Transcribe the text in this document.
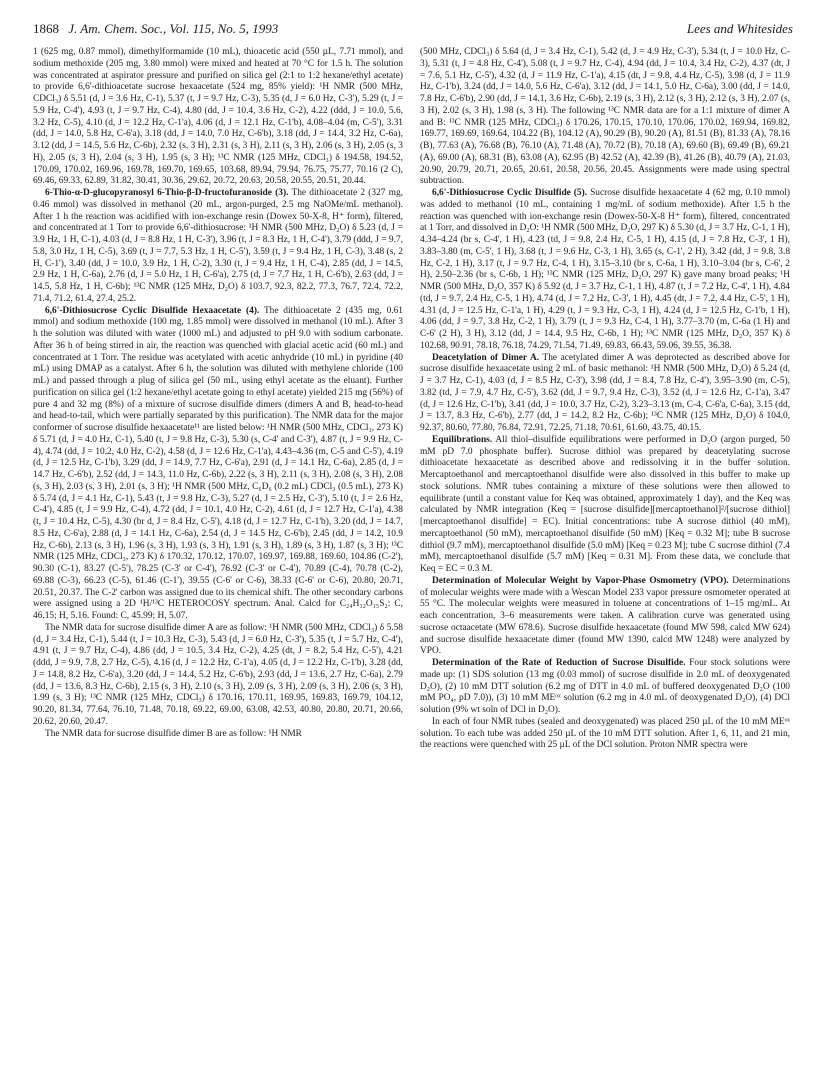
1868 J. Am. Chem. Soc., Vol. 115, No. 5, 1993	Lees and Whitesides

1 (625 mg, 0.87 mmol), dimethylformamide (10 mL), thioacetic acid (550 µL, 7.71 mmol), and sodium methoxide (205 mg, 3.80 mmol) were mixed and heated at 70 °C for 1.5 h. The solution was concentrated at aspirator pressure and purified on silica gel (2:1 to 1:2 hexane/ethyl acetate) to provide 6,6'-dithioacetate sucrose hexaacetate (524 mg, 85% yield): ¹H NMR (500 MHz, CDCl₃) δ 5.51 (d, J = 3.6 Hz, C-1), 5.37 (t, J = 9.7 Hz, C-3), 5.35 (d, J = 6.0 Hz, C-3'), 5.29 (t, J = 5.9 Hz, C-4'), 4.93 (t, J = 9.7 Hz, C-4), 4.80 (dd, J = 10.4, 3.6 Hz, C-2), 4.22 (ddd, J = 10.0, 5.6, 3.2 Hz, C-5), 4.10 (d, J = 12.2 Hz, C-1'a), 4.06 (d, J = 12.1 Hz, C-1'b), 4.08–4.04 (m, C-5'), 3.31 (dd, J = 14.0, 5.8 Hz, C-6'a), 3.18 (dd, J = 14.0, 7.0 Hz, C-6'b), 3.18 (dd, J = 14.4, 3.2 Hz, C-6a), 3.12 (dd, J = 14.5, 5.6 Hz, C-6b), 2.32 (s, 3 H), 2.31 (s, 3 H), 2.11 (s, 3 H), 2.06 (s, 3 H), 2.05 (s, 3 H), 2.05 (s, 3 H), 2.04 (s, 3 H), 1.95 (s, 3 H); ¹³C NMR (125 MHz, CDCl₃) δ 194.58, 194.52, 170.09, 170.02, 169.96, 169.78, 169.70, 169.65, 103.68, 89.94, 79.94, 76.75, 75.77, 70.16 (2 C), 69.46, 69.33, 62.89, 31.82, 30.41, 30.36, 29.62, 20.72, 20.63, 20.58, 20.55, 20.51, 20.44.

6-Thio-α-D-glucopyranosyl 6-Thio-β-D-fructofuranoside (3). The dithioacetate 2 (327 mg, 0.46 mmol) was dissolved in methanol (20 mL, argon-purged, 2.5 mg NaOMe/mL methanol). After 1 h the reaction was acidified with ion-exchange resin (Dowex 50-X-8, H⁺ form), filtered, and concentrated at 1 Torr to provide 6,6'-dithiosucrose: ¹H NMR (500 MHz, D₂O) δ 5.23 (d, J = 3.9 Hz, 1 H, C-1), 4.03 (d, J = 8.8 Hz, 1 H, C-3'), 3.96 (t, J = 8.3 Hz, 1 H, C-4'), 3.79 (ddd, J = 9.7, 5.8, 3.0 Hz, 1 H, C-5), 3.69 (t, J = 7.7, 5.3 Hz, 1 H, C-5'), 3.59 (t, J = 9.4 Hz, 1 H, C-3), 3.48 (s, 2 H, C-1'), 3.40 (dd, J = 10.0, 3.9 Hz, 1 H, C-2), 3.30 (t, J = 9.4 Hz, 1 H, C-4), 2.85 (dd, J = 14.5, 2.9 Hz, 1 H, C-6a), 2.76 (d, J = 5.0 Hz, 1 H, C-6'a), 2.75 (d, J = 7.7 Hz, 1 H, C-6'b), 2.63 (dd, J = 14.5, 5.8 Hz, 1 H, C-6b); ¹³C NMR (125 MHz, D₂O) δ 103.7, 92.3, 82.2, 77.3, 76.7, 72.4, 72.2, 71.4, 71.2, 61.4, 27.4, 25.2.

6,6'-Dithiosucrose Cyclic Disulfide Hexaacetate (4). The dithioacetate 2 (435 mg, 0.61 mmol) and sodium methoxide (100 mg, 1.85 mmol) were dissolved in methanol (10 mL). After 3 h the solution was diluted with water (1000 mL) and adjusted to pH 9.0 with sodium carbonate. After 36 h of being stirred in air, the reaction was quenched with glacial acetic acid (60 mL) and concentrated at 1 Torr. The residue was acetylated with acetic anhydride (10 mL) in pyridine (40 mL) using DMAP as a catalyst. After 6 h, the solution was diluted with methylene chloride (100 mL) and passed through a plug of silica gel (50 mL, using ethyl acetate as the eluant). Further purification on silica gel (1:2 hexane/ethyl acetate going to ethyl acetate) yielded 215 mg (56%) of pure 4 and 32 mg (8%) of a mixture of sucrose disulfide dimers (dimers A and B, head-to-head and head-to-tail, which were partially separated by this purification). The NMR data for the major conformer of sucrose disulfide hexaacetate¹¹ are listed below: ¹H NMR (500 MHz, CDCl₃, 273 K) δ 5.71 (d, J = 4.0 Hz, C-1), 5.40 (t, J = 9.8 Hz, C-3), 5.30 (s, C-4' and C-3'), 4.87 (t, J = 9.9 Hz, C-4), 4.74 (dd, J = 10.2, 4.0 Hz, C-2), 4.58 (d, J = 12.6 Hz, C-1'a), 4.43–4.36 (m, C-5 and C-5'), 4.19 (d, J = 12.5 Hz, C-1'b), 3.29 (dd, J = 14.9, 7.7 Hz, C-6'a), 2.91 (d, J = 14.1 Hz, C-6a), 2.85 (d, J = 14.7 Hz, C-6'b), 2.52 (dd, J = 14.3, 11.0 Hz, C-6b), 2.22 (s, 3 H), 2.11 (s, 3 H), 2.08 (s, 3 H), 2.08 (s, 3 H), 2.03 (s, 3 H), 2.01 (s, 3 H); ¹H NMR (500 MHz, C₆D₆ (0.2 mL) CDCl₃ (0.5 mL), 273 K) δ 5.74 (d, J = 4.1 Hz, C-1), 5.43 (t, J = 9.8 Hz, C-3), 5.27 (d, J = 2.5 Hz, C-3'), 5.10 (t, J = 2.6 Hz, C-4'), 4.85 (t, J = 9.9 Hz, C-4), 4.72 (dd, J = 10.1, 4.0 Hz, C-2), 4.61 (d, J = 12.7 Hz, C-1'a), 4.38 (t, J = 10.4 Hz, C-5), 4.30 (br d, J = 8.4 Hz, C-5'), 4.18 (d, J = 12.7 Hz, C-1'b), 3.20 (dd, J = 14.7, 8.5 Hz, C-6'a), 2.88 (d, J = 14.1 Hz, C-6a), 2.54 (d, J = 14.5 Hz, C-6'b), 2.45 (dd, J = 14.2, 10.9 Hz, C-6b), 2.13 (s, 3 H), 1.96 (s, 3 H), 1.93 (s, 3 H), 1.91 (s, 3 H), 1.89 (s, 3 H), 1.87 (s, 3 H); ¹³C NMR (125 MHz, CDCl₃, 273 K) δ 170.32, 170.12, 170.07, 169.97, 169.88, 169.60, 104.86 (C-2'), 90.30 (C-1), 83.27 (C-5'), 78.25 (C-3' or C-4'), 76.92 (C-3' or C-4'), 70.89 (C-4), 70.78 (C-2), 69.88 (C-3), 66.23 (C-5), 61.46 (C-1'), 39.55 (C-6' or C-6), 38.33 (C-6' or C-6), 20.80, 20.71, 20.51, 20.37. The C-2' carbon was assigned due to its chemical shift. The other secondary carbons were assigned using a 2D ¹H/¹³C HETEROCOSY spectrum. Anal. Calcd for C₂₄H₃₂O₁₅S₂: C, 46.15; H, 5.16. Found: C, 45.99; H, 5.07.

The NMR data for sucrose disulfide dimer A are as follow: ¹H NMR (500 MHz, CDCl₃) δ 5.58 (d, J = 3.4 Hz, C-1), 5.44 (t, J = 10.3 Hz, C-3), 5.43 (d, J = 6.0 Hz, C-3'), 5.35 (t, J = 5.7 Hz, C-4'), 4.91 (t, J = 9.7 Hz, C-4), 4.86 (dd, J = 10.5, 3.4 Hz, C-2), 4.25 (dt, J = 8.2, 5.4 Hz, C-5'), 4.21 (ddd, J = 9.9, 7.8, 2.7 Hz, C-5), 4.16 (d, J = 12.2 Hz, C-1'a), 4.05 (d, J = 12.2 Hz, C-1'b), 3.28 (dd, J = 14.8, 8.2 Hz, C-6'a), 3.20 (dd, J = 14.4, 5.2 Hz, C-6'b), 2.93 (dd, J = 13.6, 2.7 Hz, C-6a), 2.79 (dd, J = 13.6, 8.3 Hz, C-6b), 2.15 (s, 3 H), 2.10 (s, 3 H), 2.09 (s, 3 H), 2.09 (s, 3 H), 2.06 (s, 3 H), 1.99 (s, 3 H); ¹³C NMR (125 MHz, CDCl₃) δ 170.16, 170.11, 169.95, 169.83, 169.79, 104.12, 90.20, 81.34, 77.64, 76.10, 71.48, 70.18, 69.22, 69.00, 63.08, 42.53, 40.80, 20.80, 20.71, 20.66, 20.62, 20.60, 20.47.

The NMR data for sucrose disulfide dimer B are as follow: ¹H NMR

(500 MHz, CDCl₃) δ 5.64 (d, J = 3.4 Hz, C-1), 5.42 (d, J = 4.9 Hz, C-3'), 5.34 (t, J = 10.0 Hz, C-3), 5.31 (t, J = 4.8 Hz, C-4'), 5.08 (t, J = 9.7 Hz, C-4), 4.94 (dd, J = 10.4, 3.4 Hz, C-2), 4.37 (dt, J = 7.6, 5.1 Hz, C-5'), 4.32 (d, J = 11.9 Hz, C-1'a), 4.15 (dt, J = 9.8, 4.4 Hz, C-5), 3.98 (d, J = 11.9 Hz, C-1'b), 3.24 (dd, J = 14.0, 5.6 Hz, C-6'a), 3.12 (dd, J = 14.1, 5.0 Hz, C-6a), 3.00 (dd, J = 14.0, 7.8 Hz, C-6'b), 2.90 (dd, J = 14.1, 3.6 Hz, C-6b), 2.19 (s, 3 H), 2.12 (s, 3 H), 2.12 (s, 3 H), 2.07 (s, 3 H), 2.02 (s, 3 H), 1.98 (s, 3 H). The following ¹³C NMR data are for a 1:1 mixture of dimer A and B: ¹³C NMR (125 MHz, CDCl₃) δ 170.26, 170.15, 170.10, 170.06, 170.02, 169.94, 169.82, 169.77, 169.69, 169.64, 104.22 (B), 104.12 (A), 90.29 (B), 90.20 (A), 81.51 (B), 81.33 (A), 78.16 (B), 77.63 (A), 76.68 (B), 76.10 (A), 71.48 (A), 70.72 (B), 70.18 (A), 69.60 (B), 69.49 (B), 69.21 (A), 69.00 (A), 68.31 (B), 63.08 (A), 62.95 (B) 42.52 (A), 42.39 (B), 41.26 (B), 40.79 (A), 21.03, 20.90, 20.79, 20.71, 20.65, 20.61, 20.58, 20.56, 20.45. Assignments were made using spectral subtraction.

6,6'-Dithiosucrose Cyclic Disulfide (5). Sucrose disulfide hexaacetate 4 (62 mg, 0.10 mmol) was added to methanol (10 mL, containing 1 mg/mL of sodium methoxide). After 1.5 h the reaction was quenched with ion-exchange resin (Dowex-50-X-8 H⁺ form), filtered, concentrated at 1 Torr, and dissolved in D₂O: ¹H NMR (500 MHz, D₂O, 297 K) δ 5.30 (d, J = 3.7 Hz, C-1, 1 H), 4.34–4.24 (br s, C-4', 1 H), 4.23 (td, J = 9.8, 2.4 Hz, C-5, 1 H), 4.15 (d, J = 7.8 Hz, C-3', 1 H), 3.83–3.80 (m, C-5', 1 H), 3.68 (t, J = 9.6 Hz, C-3, 1 H), 3.65 (s, C-1', 2 H), 3.42 (dd, J = 9.8, 3.8 Hz, C-2, 1 H), 3.17 (t, J = 9.7 Hz, C-4, 1 H), 3.15–3.10 (br s, C-6a, 1 H), 3.10–3.04 (br s, C-6', 2 H), 2.50–2.36 (br s, C-6b, 1 H); ¹³C NMR (125 MHz, D₂O, 297 K) gave many broad peaks; ¹H NMR (500 MHz, D₂O, 357 K) δ 5.92 (d, J = 3.7 Hz, C-1, 1 H), 4.87 (t, J = 7.2 Hz, C-4', 1 H), 4.84 (td, J = 9.7, 2.4 Hz, C-5, 1 H), 4.74 (d, J = 7.2 Hz, C-3', 1 H), 4.45 (dt, J = 7.2, 4.4 Hz, C-5', 1 H), 4.31 (d, J = 12.5 Hz, C-1'a, 1 H), 4.29 (t, J = 9.3 Hz, C-3, 1 H), 4.24 (d, J = 12.5 Hz, C-1'b, 1 H), 4.06 (dd, J = 9.7, 3.8 Hz, C-2, 1 H), 3.79 (t, J = 9.3 Hz, C-4, 1 H), 3.77–3.70 (m, C-6a (1 H) and C-6' (2 H), 3 H), 3.12 (dd, J = 14.4, 9.5 Hz, C-6b, 1 H); ¹³C NMR (125 MHz, D₂O, 357 K) δ 102.68, 90.91, 78.18, 76.18, 74.29, 71.54, 71.49, 69.83, 66.43, 59.06, 39.55, 36.38.

Deacetylation of Dimer A. The acetylated dimer A was deprotected as described above for sucrose disulfide hexaacetate using 2 mL of basic methanol: ¹H NMR (500 MHz, D₂O) δ 5.24 (d, J = 3.7 Hz, C-1), 4.03 (d, J = 8.5 Hz, C-3'), 3.98 (dd, J = 8.4, 7.8 Hz, C-4'), 3.95–3.90 (m, C-5), 3.82 (td, J = 7.9, 4.7 Hz, C-5'), 3.62 (dd, J = 9.7, 9.4 Hz, C-3), 3.52 (d, J = 12.6 Hz, C-1'a), 3.47 (d, J = 12.6 Hz, C-1'b), 3.41 (dd, J = 10.0, 3.7 Hz, C-2), 3.23–3.13 (m, C-4, C-6'a, C-6a), 3.15 (dd, J = 13.7, 8.3 Hz, C-6'b), 2.77 (dd, J = 14.2, 8.2 Hz, C-6b); ¹³C NMR (125 MHz, D₂O) δ 104.0, 92.37, 80.60, 77.80, 76.84, 72.91, 72.25, 71.18, 70.61, 61.60, 43.75, 40.15.

Equilibrations. All thiol–disulfide equilibrations were performed in D₂O (argon purged, 50 mM pD 7.0 phosphate buffer). Sucrose dithiol was prepared by deacetylating sucrose dithioacetate hexaacetate as described above and redissolving it in the buffer solution. Mercaptoethanol and mercaptoethanol disulfide were also dissolved in this buffer to make up stock solutions. NMR tubes containing a mixture of these solutions were then allowed to equilibrate (until a constant value for Keq was obtained, approximately 1 day), and the Keq was calculated by NMR integration (Keq = [sucrose disulfide][mercaptoethanol]²/[sucrose dithiol][mercaptoethanol disulfide] = EC). Initial concentrations: tube A sucrose dithiol (40 mM), mercaptoethanol (50 mM), mercaptoethanol disulfide (50 mM) [Keq = 0.32 M]; tube B sucrose dithiol (9.7 mM), mercaptoethanol disulfide (5.0 mM) [Keq = 0.23 M]; tube C sucrose dithiol (7.4 mM), mercaptoethanol disulfide (5.7 mM) [Keq = 0.31 M]. From these data, we conclude that Keq = EC = 0.3 M.

Determination of Molecular Weight by Vapor-Phase Osmometry (VPO). Determinations of molecular weights were made with a Wescan Model 233 vapor pressure osmometer operated at 55 °C. The molecular weights were measured in toluene at concentrations of 1–15 mg/mL. At each concentration, 3–6 measurements were taken. A calibration curve was generated using sucrose octaacetate (MW 678.6). Sucrose disulfide hexaacetate (found MW 598, calcd MW 624) and sucrose disulfide hexaacetate dimer (found MW 1390, calcd MW 1248) were analyzed by VPO.

Determination of the Rate of Reduction of Sucrose Disulfide. Four stock solutions were made up: (1) SDS solution (13 mg (0.03 mmol) of sucrose disulfide in 2.0 mL of deoxygenated D₂O), (2) 10 mM DTT solution (6.2 mg of DTT in 4.0 mL of buffered deoxygenated D₂O (100 mM PO₄, pD 7.0)), (3) 10 mM MEᵒˣ solution (6.2 mg in 4.0 mL of deoxygenated D₂O), (4) DCl solution (9% wt soln of DCl in D₂O).

In each of four NMR tubes (sealed and deoxygenated) was placed 250 µL of the 10 mM MEᵒˣ solution. To each tube was added 250 µL of the 10 mM DTT solution. After 1, 6, 11, and 21 min, the reactions were quenched with 25 µL of the DCl solution. Proton NMR spectra were
